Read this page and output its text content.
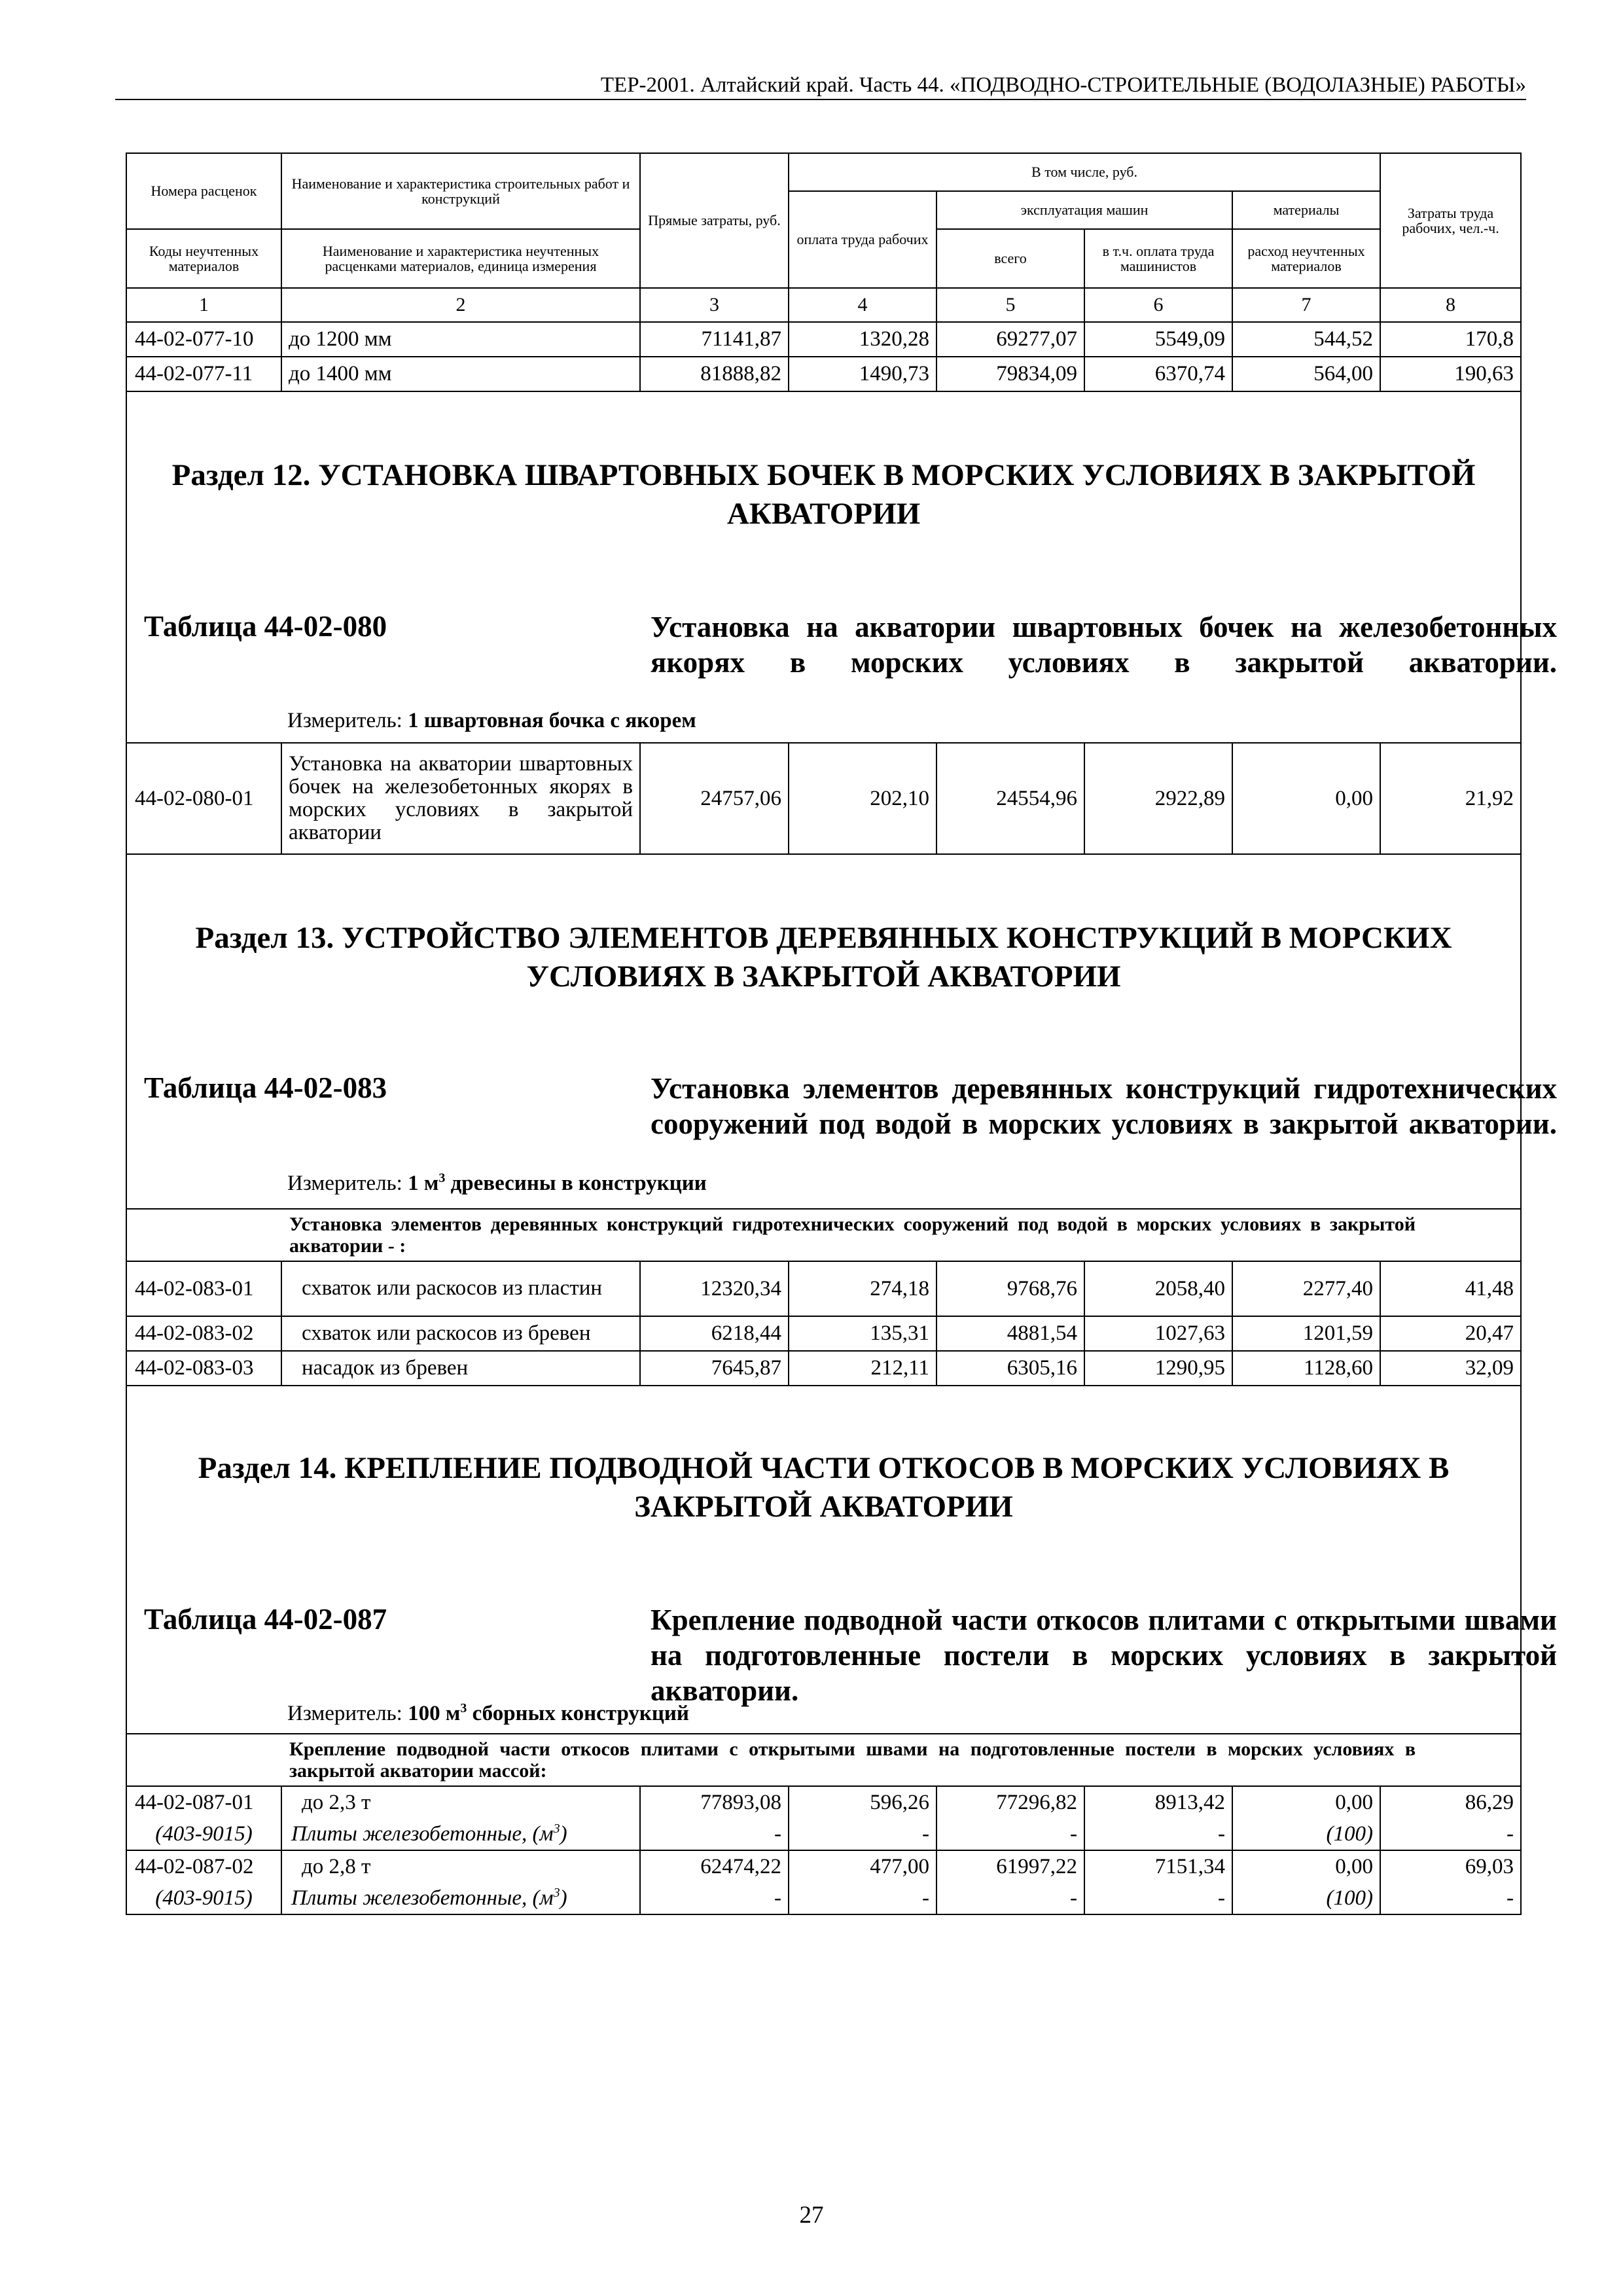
ТЕР-2001. Алтайский край. Часть 44. «ПОДВОДНО-СТРОИТЕЛЬНЫЕ (ВОДОЛАЗНЫЕ) РАБОТЫ»
Номера расценок	Наименование и характеристика строительных работ и конструкций	Прямые затраты, руб.	В том числе, руб.				Затраты труда рабочих, чел.-ч.
			оплата труда рабочих	эксплуатация машин		материалы	
Коды неучтенных материалов	Наименование и характеристика неучтенных расценками материалов, единица измерения			всего	в т.ч. оплата труда машинистов	расход неучтенных материалов	
1	2	3	4	5	6	7	8
44-02-077-10	до 1200 мм	71141,87	1320,28	69277,07	5549,09	544,52	170,8
44-02-077-11	до 1400 мм	81888,82	1490,73	79834,09	6370,74	564,00	190,63

Раздел 12. УСТАНОВКА ШВАРТОВНЫХ БОЧЕК В МОРСКИХ УСЛОВИЯХ В ЗАКРЫТОЙ АКВАТОРИИ
Таблица 44-02-080 Установка на акватории швартовных бочек на железобетонных якорях в морских условиях в закрытой акватории.
Измеритель: 1 швартовная бочка с якорем							

44-02-080-01	Установка на акватории швартовных бочек на железобетонных якорях в морских условиях в закрытой акватории	24757,06	202,10	24554,96	2922,89	0,00	21,92

Раздел 13. УСТРОЙСТВО ЭЛЕМЕНТОВ ДЕРЕВЯННЫХ КОНСТРУКЦИЙ В МОРСКИХ УСЛОВИЯХ В ЗАКРЫТОЙ АКВАТОРИИ
Таблица 44-02-083 Установка элементов деревянных конструкций гидротехнических сооружений под водой в морских условиях в закрытой акватории.
Измеритель: 1 $м^3$ древесины в конструкции							

	Установка элементов деревянных конструкций гидротехнических сооружений под водой в морских условиях в закрытой акватории - :						
44-02-083-01	схваток или раскосов из пластин	12320,34	274,18	9768,76	2058,40	2277,40	41,48
44-02-083-02	схваток или раскосов из бревен	6218,44	135,31	4881,54	1027,63	1201,59	20,47
44-02-083-03	насадок из бревен	7645,87	212,11	6305,16	1290,95	1128,60	32,09

Раздел 14. КРЕПЛЕНИЕ ПОДВОДНОЙ ЧАСТИ ОТКОСОВ В МОРСКИХ УСЛОВИЯХ В ЗАКРЫТОЙ АКВАТОРИИ
Таблица 44-02-087 Крепление подводной части откосов плитами с открытыми швами на подготовленные постели в морских условиях в закрытой акватории.
Измеритель: 100 $м^3$ сборных конструкций							

	Крепление подводной части откосов плитами с открытыми швами на подготовленные постели в морских условиях в закрытой акватории массой:						
44-02-087-01	до 2,3 т	77893,08	596,26	77296,82	8913,42	0,00	86,29
(403-9015)	Плиты железобетонные, $(м^3)$	-	-	-	-	(100)	-
44-02-087-02	до 2,8 т	62474,22	477,00	61997,22	7151,34	0,00	69,03
(403-9015)	Плиты железобетонные, $(м^3)$	-	-	-	-	(100)	-
27
